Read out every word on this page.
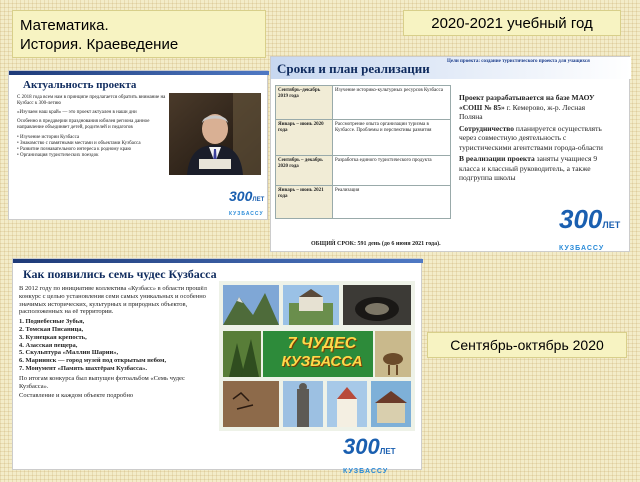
Математика.
История. Краеведение
2020-2021 учебный год
Сентябрь-октябрь 2020
Актуальность проекта

С 2018 года всем нам в принципе предлагается обратить внимание на Кузбасс к 300-летию

«Изучаем наш край» — это проект актуален в наши дни

Особенно в преддверии празднования юбилея региона данное направление объединяет детей, родителей и педагогов

• Изучение истории Кузбасса

• Знакомство с памятными местами и объектами Кузбасса

• Развитие познавательного интереса к родному краю

• Организация туристических поездок

300ЛЕТ
КУЗБАССУ
Сроки и план реализации	Цели проекта: создание туристического проекта для учащихся
Сентябрь–декабрь 2019 года
Изучение историко-культурных ресурсов Кузбасса
Январь – июнь 2020 года
Рассмотрение опыта организации туризма в Кузбассе. Проблемы и перспективы развития
Сентябрь – декабрь 2020 года
Разработка единого туристического продукта
Январь – июнь 2021 года
Реализация

Проект разрабатывается на базе МАОУ «СОШ № 85» г. Кемерово, ж-р. Лесная Поляна

Сотрудничество планируется осуществлять через совместную деятельность с туристическими агентствами города-области

В реализации проекта заняты учащиеся 9 класса и классный руководитель, а также подгруппа школы

300ЛЕТ
КУЗБАССУ
ОБЩИЙ СРОК: 591 день (до 6 июня 2021 года).
Как появились семь чудес Кузбасса

В 2012 году по инициативе коллектива «Кузбасс» в области прошёл конкурс с целью установления семи самых уникальных и особенно значимых исторических, культурных и природных объектов, расположенных на её территории.

1. Поднебесные Зубья,

2. Томская Писаница,

3. Кузнецкая крепость,

4. Азасская пещера,

5. Скульптура «Маллин Шарии»,

6. Мариинск — город музей под открытым небом,

7. Монумент «Память шахтёрам Кузбасса».

По итогам конкурса был выпущен фотоальбом «Семь чудес Кузбасса».

Составление и каждом объекте подробно

7 ЧУДЕС
КУЗБАССА
300ЛЕТ
КУЗБАССУ
